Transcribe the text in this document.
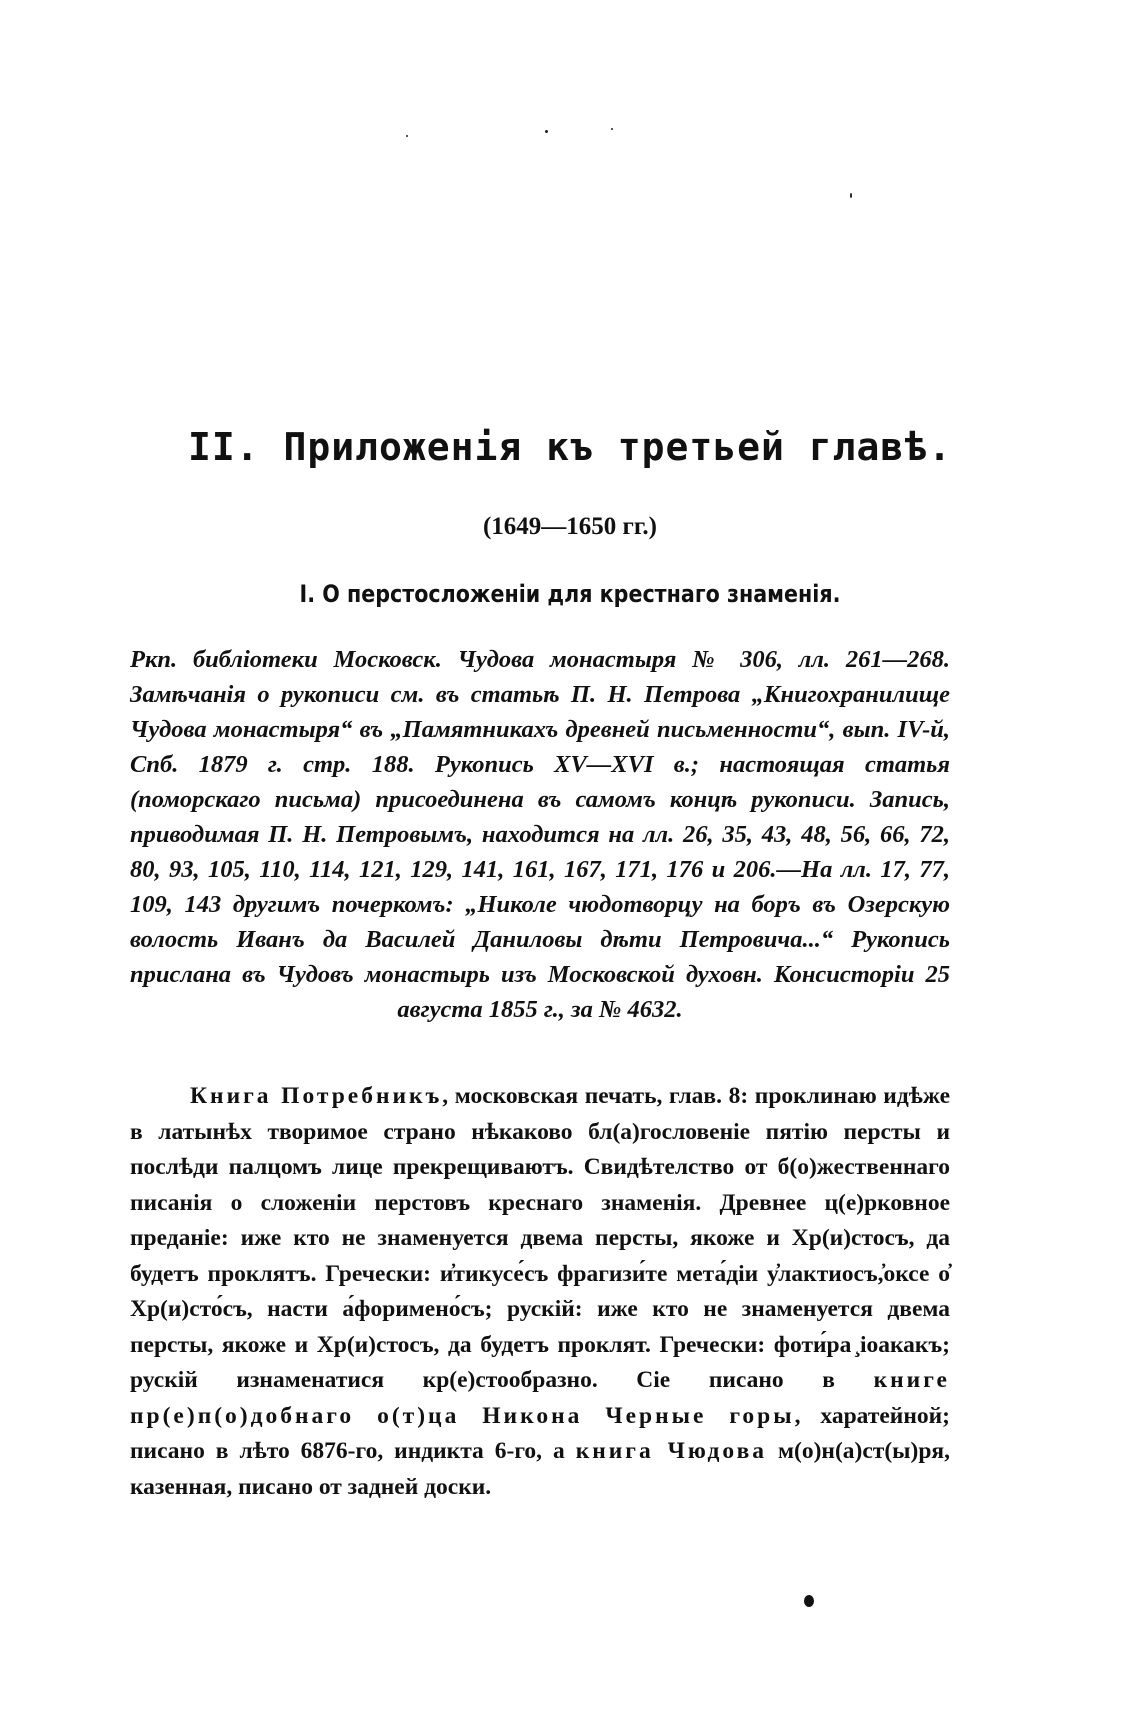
II. Приложенія къ третьей главѣ.
(1649—1650 гг.)
I. О перстосложеніи для крестнаго знаменія.

Ркп. библіотеки Московск. Чудова монастыря № 306, лл. 261—268. Замѣчанія о рукописи см. въ статьѣ П. Н. Петрова „Книгохранилище Чудова монастыря“ въ „Памятникахъ древней письменности“, вып. IV-й, Спб. 1879 г. стр. 188. Рукопись XV—XVI в.; настоящая статья (поморскаго письма) присоединена въ самомъ концѣ рукописи. Запись, приводимая П. Н. Петровымъ, находится на лл. 26, 35, 43, 48, 56, 66, 72, 80, 93, 105, 110, 114, 121, 129, 141, 161, 167, 171, 176 и 206.—На лл. 17, 77, 109, 143 другимъ почеркомъ: „Николе чюдотворцу на боръ въ Озерскую волость Иванъ да Василей Даниловы дѣти Петровича...“ Рукопись прислана въ Чудовъ монастырь изъ Московской духовн. Консисторіи 25 августа 1855 г., за № 4632.

Книга Потребникъ, московская печать, глав. 8: проклинаю идѣже в латынѣх творимое страно нѣкаково бл(а)гословеніе пятію персты и послѣди палцомъ лице прекрещиваютъ. Свидѣтелство от б(о)жественнаго писанія о сложеніи перстовъ креснаго знаменія. Древнее ц(е)рковное преданіе: иже кто не знаменуется двема персты, якоже и Хр(и)стосъ, да будетъ проклятъ. Гречески: и̓тикусе́съ фрагизи́те мета́діи у̓лактиосъ,̓оксе о̓ Хр(и)сто́съ, насти а́форимено́съ; рускій: иже кто не знаменуется двема персты, якоже и Хр(и)стосъ, да будетъ проклят. Гречески: фоти́ра ̧іоакакъ; рускій изнаменатися кр(е)стообразно. Сіе писано в книге пр(е)п(о)добнаго о(т)ца Никона Черные горы, харатейной; писано в лѣто 6876-го, индикта 6-го, а книга Чюдова м(о)н(а)ст(ы)ря, казенная, писано от задней доски.
